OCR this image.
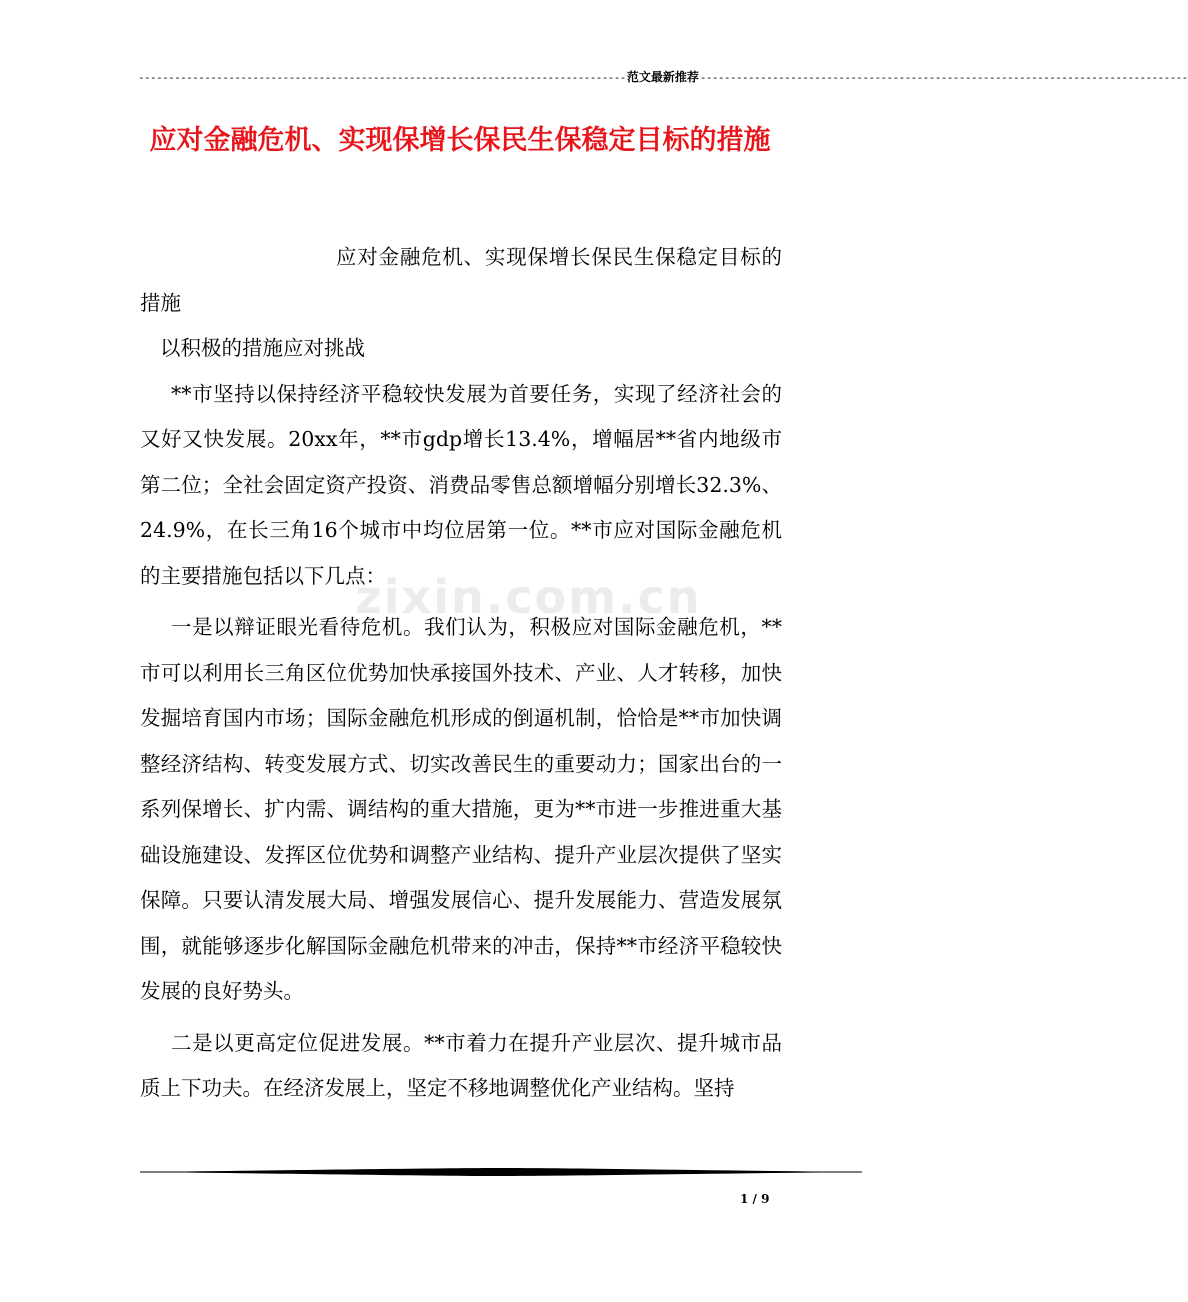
---------------------------------------------------------------------------------范文最新推荐---------------------------------------------------------------------------------
应对金融危机、实现保增长保民生保稳定目标的措施
zixin.com.cn

应对金融危机、实现保增长保民生保稳定目标的措施

以积极的措施应对挑战

**市坚持以保持经济平稳较快发展为首要任务，实现了经济社会的又好又快发展。20xx年，**市gdp增长13.4%，增幅居**省内地级市第二位；全社会固定资产投资、消费品零售总额增幅分别增长32.3%、24.9%，在长三角16个城市中均位居第一位。**市应对国际金融危机的主要措施包括以下几点：

一是以辩证眼光看待危机。我们认为，积极应对国际金融危机，**市可以利用长三角区位优势加快承接国外技术、产业、人才转移，加快发掘培育国内市场；国际金融危机形成的倒逼机制，恰恰是**市加快调整经济结构、转变发展方式、切实改善民生的重要动力；国家出台的一系列保增长、扩内需、调结构的重大措施，更为**市进一步推进重大基础设施建设、发挥区位优势和调整产业结构、提升产业层次提供了坚实保障。只要认清发展大局、增强发展信心、提升发展能力、营造发展氛围，就能够逐步化解国际金融危机带来的冲击，保持**市经济平稳较快发展的良好势头。

二是以更高定位促进发展。**市着力在提升产业层次、提升城市品质上下功夫。在经济发展上，坚定不移地调整优化产业结构。坚持

1 / 9
